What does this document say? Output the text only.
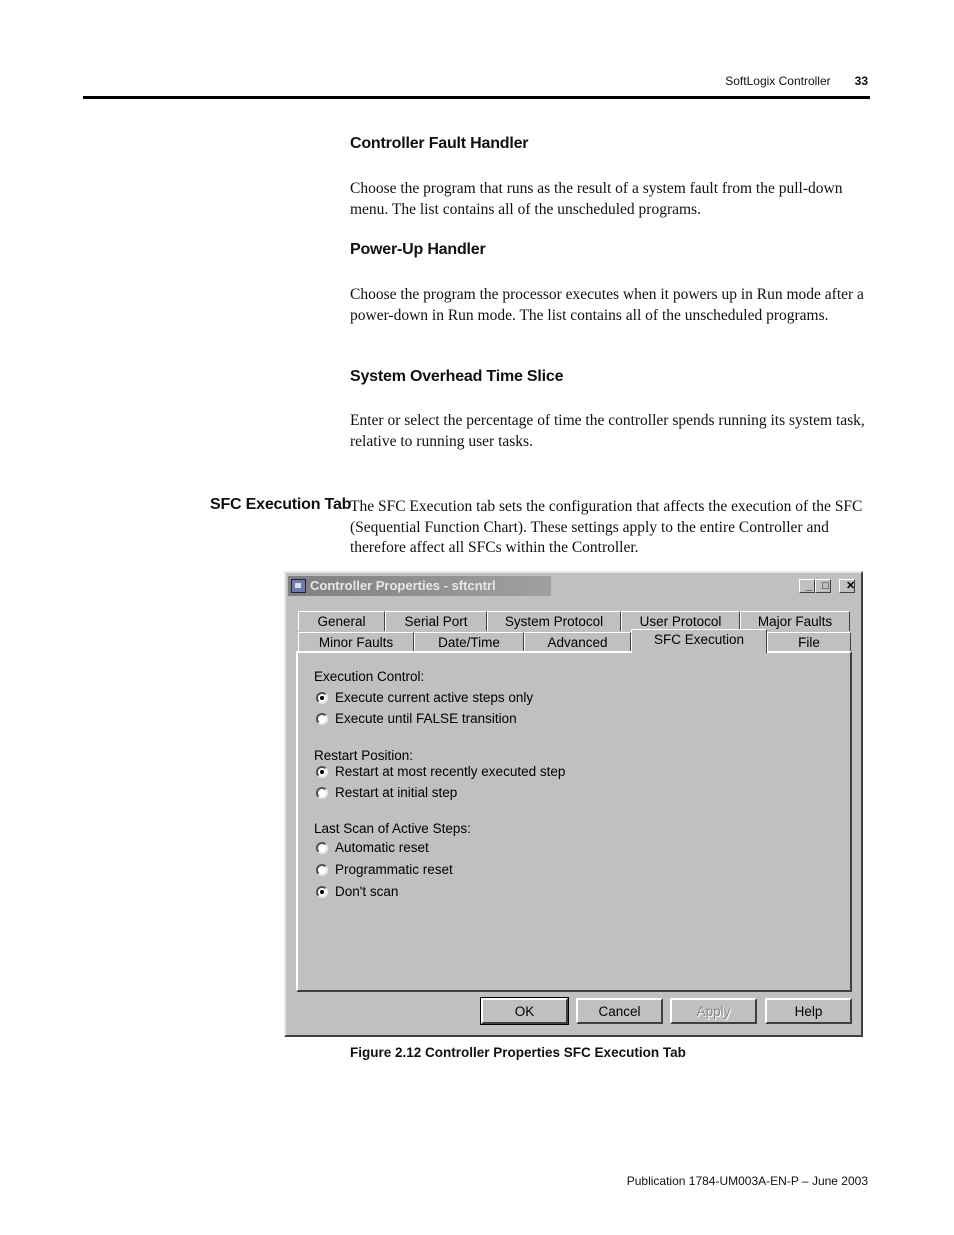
SoftLogix Controller 33
Controller Fault Handler
Choose the program that runs as the result of a system fault from the pull-down menu. The list contains all of the unscheduled programs.
Power-Up Handler
Choose the program the processor executes when it powers up in Run mode after a power-down in Run mode. The list contains all of the unscheduled programs.
System Overhead Time Slice
Enter or select the percentage of time the controller spends running its system task, relative to running user tasks.
SFC Execution Tab
The SFC Execution tab sets the configuration that affects the execution of the SFC (Sequential Function Chart). These settings apply to the entire Controller and therefore affect all SFCs within the Controller.
Controller Properties - sftcntrl	_ □	✕
General	Serial Port	System Protocol	User Protocol	Major Faults
Minor Faults	Date/Time	Advanced	SFC Execution	File
Execution Control:
Execute current active steps only
Execute until FALSE transition
Restart Position:
Restart at most recently executed step
Restart at initial step
Last Scan of Active Steps:
Automatic reset
Programmatic reset
Don't scan
OK	Cancel	Apply	Help
Figure 2.12 Controller Properties SFC Execution Tab
Publication 1784-UM003A-EN-P – June 2003
